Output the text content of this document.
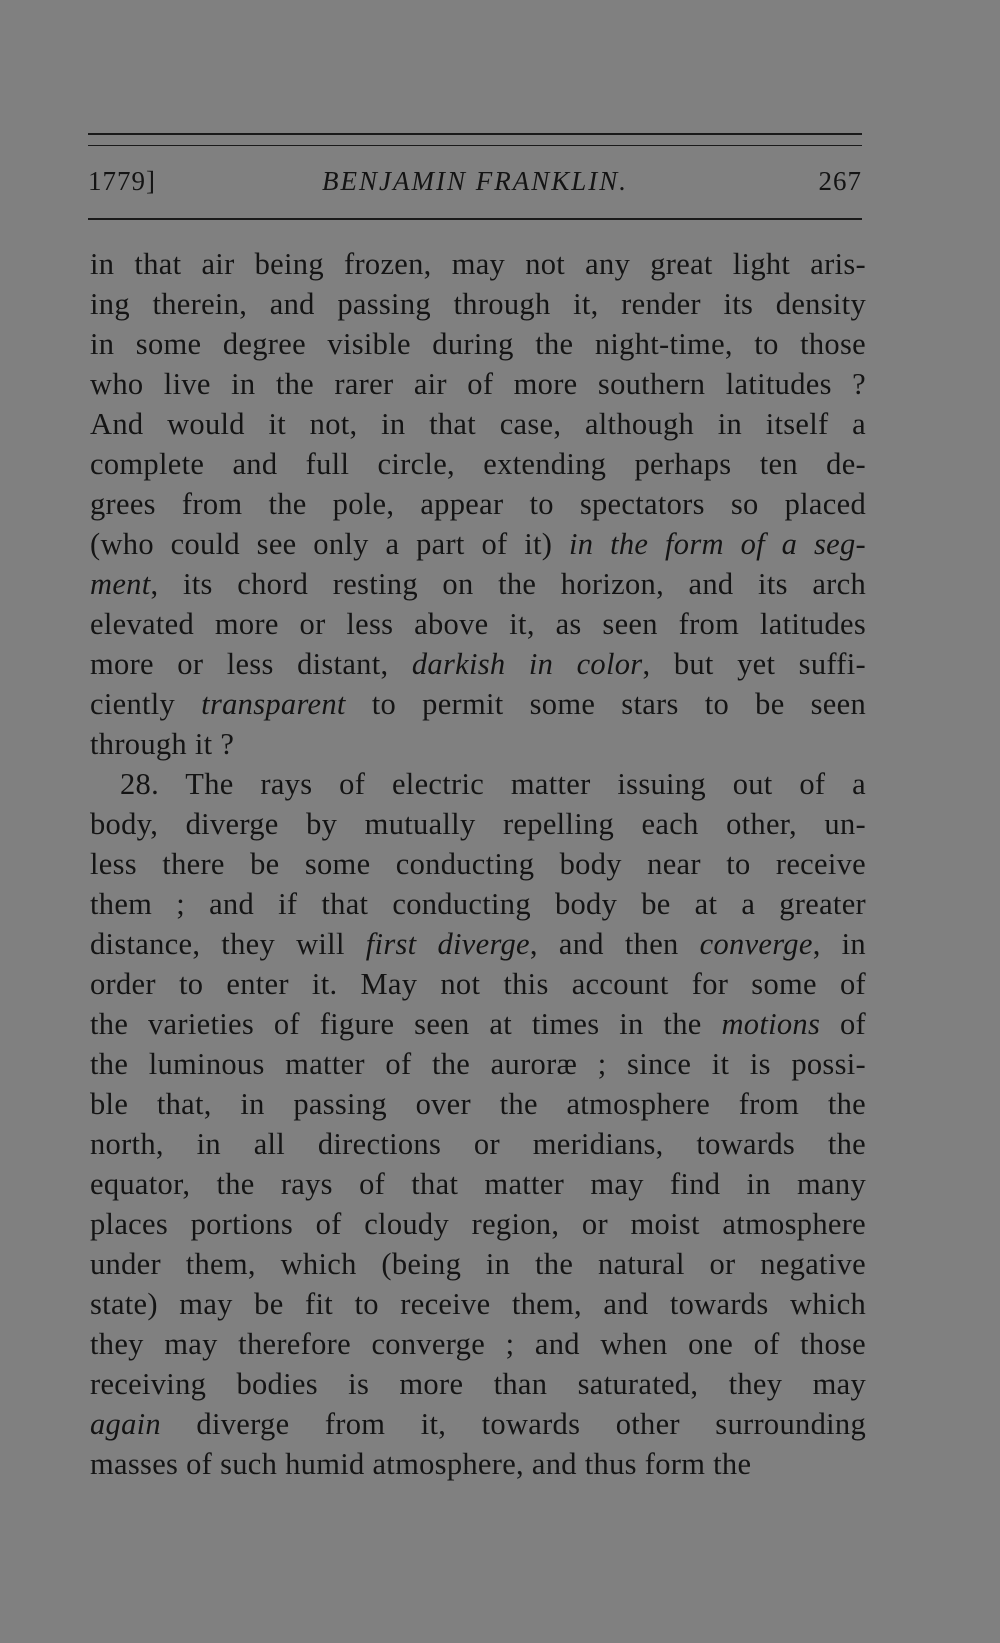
1779]	BENJAMIN FRANKLIN.	267
in that air being frozen, may not any great light aris-
ing therein, and passing through it, render its density
in some degree visible during the night-time, to those
who live in the rarer air of more southern latitudes ?
And would it not, in that case, although in itself a
complete and full circle, extending perhaps ten de-
grees from the pole, appear to spectators so placed
(who could see only a part of it) in the form of a seg-
ment, its chord resting on the horizon, and its arch
elevated more or less above it, as seen from latitudes
more or less distant, darkish in color, but yet suffi-
ciently transparent to permit some stars to be seen
through it ?
28. The rays of electric matter issuing out of a
body, diverge by mutually repelling each other, un-
less there be some conducting body near to receive
them ; and if that conducting body be at a greater
distance, they will first diverge, and then converge, in
order to enter it. May not this account for some of
the varieties of figure seen at times in the motions of
the luminous matter of the auroræ ; since it is possi-
ble that, in passing over the atmosphere from the
north, in all directions or meridians, towards the
equator, the rays of that matter may find in many
places portions of cloudy region, or moist atmosphere
under them, which (being in the natural or negative
state) may be fit to receive them, and towards which
they may therefore converge ; and when one of those
receiving bodies is more than saturated, they may
again diverge from it, towards other surrounding
masses of such humid atmosphere, and thus form the
